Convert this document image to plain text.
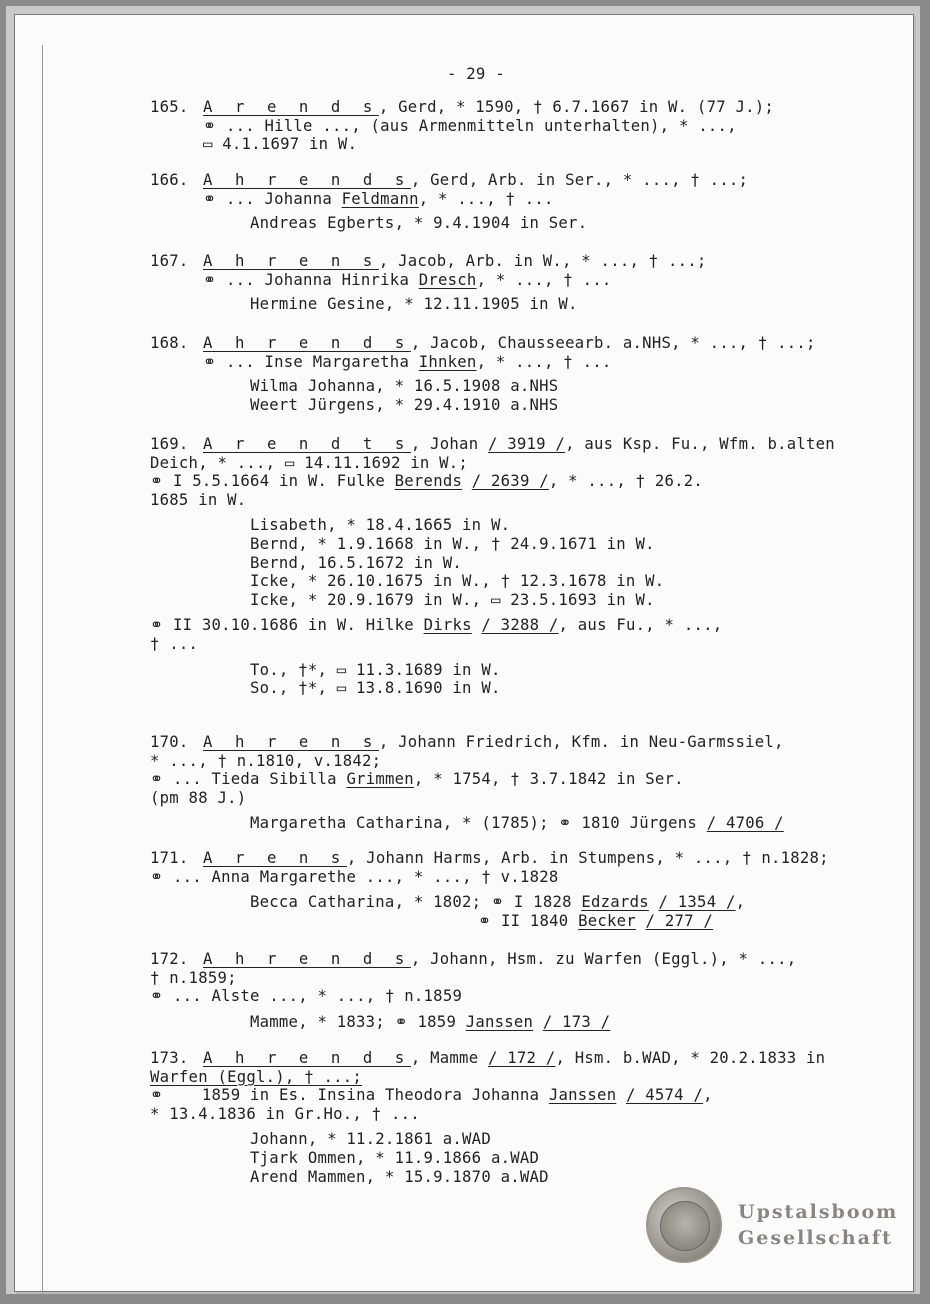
- 29 -
165. A r e n d s, Gerd, * 1590, † 6.7.1667 in W. (77 J.);
⚭ ... Hille ..., (aus Armenmitteln unterhalten), * ...,
▭ 4.1.1697 in W.
166. A h r e n d s, Gerd, Arb. in Ser., * ..., † ...;
⚭ ... Johanna Feldmann, * ..., † ...
Andreas Egberts, * 9.4.1904 in Ser.
167. A h r e n s, Jacob, Arb. in W., * ..., † ...;
⚭ ... Johanna Hinrika Dresch, * ..., † ...
Hermine Gesine, * 12.11.1905 in W.
168. A h r e n d s, Jacob, Chausseearb. a.NHS, * ..., † ...;
⚭ ... Inse Margaretha Ihnken, * ..., † ...
Wilma Johanna, * 16.5.1908 a.NHS
Weert Jürgens, * 29.4.1910 a.NHS
169. A r e n d t s, Johan / 3919 /, aus Ksp. Fu., Wfm. b.alten
Deich, * ..., ▭ 14.11.1692 in W.;
⚭ I 5.5.1664 in W. Fulke Berends / 2639 /, * ..., † 26.2.
1685 in W.
Lisabeth, * 18.4.1665 in W.
Bernd, * 1.9.1668 in W., † 24.9.1671 in W.
Bernd, 16.5.1672 in W.
Icke, * 26.10.1675 in W., † 12.3.1678 in W.
Icke, * 20.9.1679 in W., ▭ 23.5.1693 in W.
⚭ II 30.10.1686 in W. Hilke Dirks / 3288 /, aus Fu., * ...,
† ...
To., †*, ▭ 11.3.1689 in W.
So., †*, ▭ 13.8.1690 in W.
170. A h r e n s, Johann Friedrich, Kfm. in Neu-Garmssiel,
* ..., † n.1810, v.1842;
⚭ ... Tieda Sibilla Grimmen, * 1754, † 3.7.1842 in Ser.
(pm 88 J.)
Margaretha Catharina, * (1785); ⚭ 1810 Jürgens / 4706 /
171. A r e n s, Johann Harms, Arb. in Stumpens, * ..., † n.1828;
⚭ ... Anna Margarethe ..., * ..., † v.1828
Becca Catharina, * 1802; ⚭ I 1828 Edzards / 1354 /,
⚭ II 1840 Becker / 277 /
172. A h r e n d s, Johann, Hsm. zu Warfen (Eggl.), * ...,
† n.1859;
⚭ ... Alste ..., * ..., † n.1859
Mamme, * 1833; ⚭ 1859 Janssen / 173 /
173. A h r e n d s, Mamme / 172 /, Hsm. b.WAD, * 20.2.1833 in
Warfen (Eggl.), † ...;
⚭    1859 in Es. Insina Theodora Johanna Janssen / 4574 /,
* 13.4.1836 in Gr.Ho., † ...
Johann, * 11.2.1861 a.WAD
Tjark Ommen, * 11.9.1866 a.WAD
Arend Mammen, * 15.9.1870 a.WAD
Upstalsboom
Gesellschaft
